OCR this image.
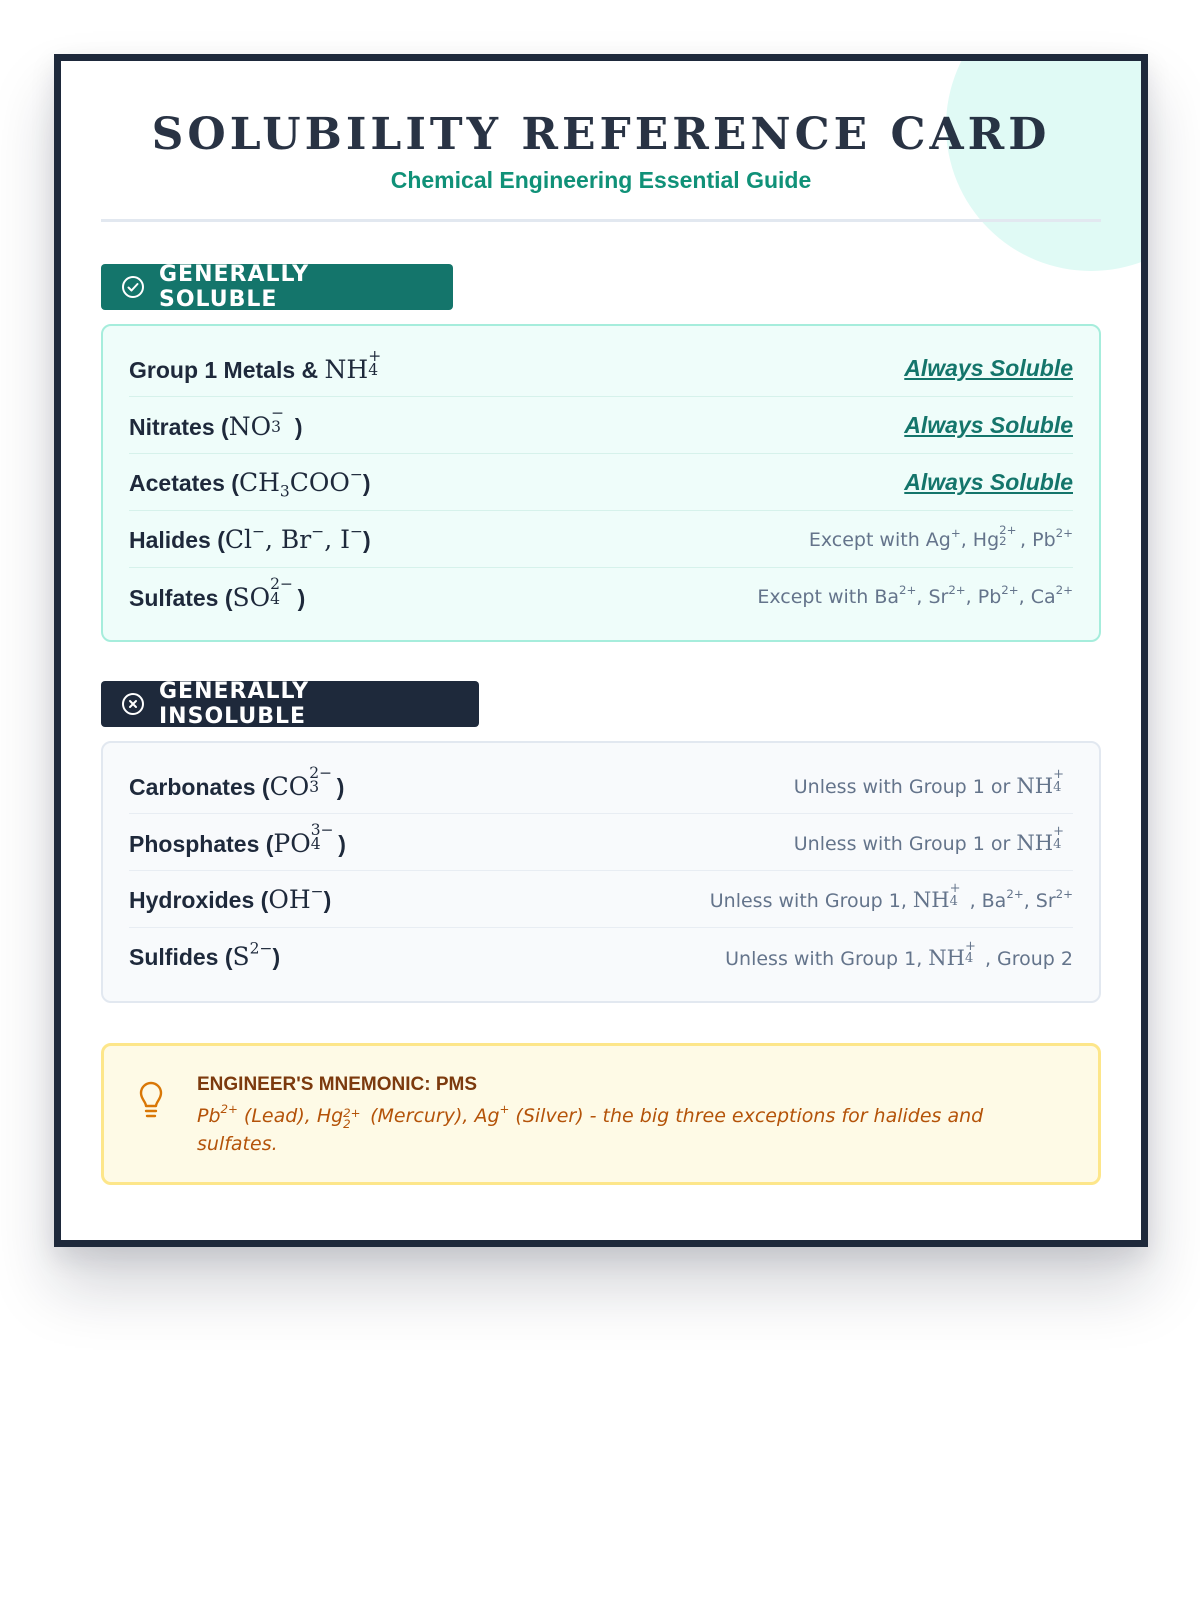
SOLUBILITY REFERENCE CARD
Chemical Engineering Essential Guide
GENERALLY SOLUBLE
Group 1 Metals & NH +
4	Always Soluble
Nitrates (NO −
3 )	Always Soluble
Acetates $(CH_3COO^-)$	Always Soluble
Halides (Cl−, Br−, I−)	Except with Ag+, Hg 2+
2 , $Pb^{2+}$
Sulfates (SO 2−
4 )	Except with $Ba^{2+}$, $Sr^{2+}$, $Pb^{2+}$, $Ca^{2+}$
GENERALLY INSOLUBLE
Carbonates (CO 2−
3 )	Unless with Group 1 or NH +
4
Phosphates (PO 3−
4 )	Unless with Group 1 or NH +
4
Hydroxides (OH−)	Unless with Group 1, NH +
4 , $Ba^{2+}$, $Sr^{2+}$
Sulfides $(S^{2-})$	Unless with Group 1, NH +
4 , Group 2
ENGINEER'S MNEMONIC: PMS
$Pb^{2+}$ (Lead), Hg 2+
2 (Mercury), Ag+ (Silver) - the big three exceptions for halides and sulfates.
